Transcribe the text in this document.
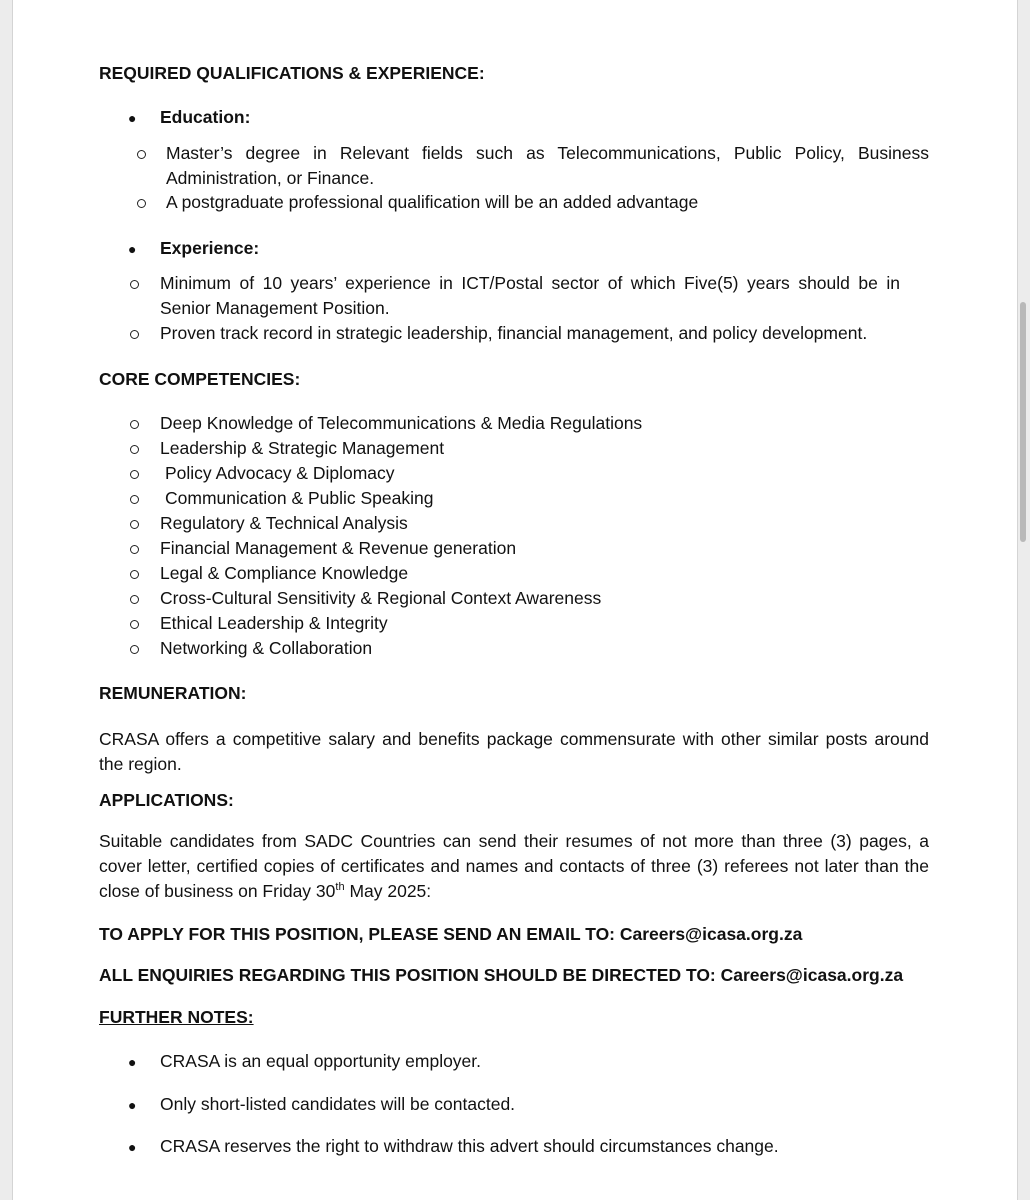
REQUIRED QUALIFICATIONS & EXPERIENCE:
● Education:
Master’s degree in Relevant fields such as Telecommunications, Public Policy, Business Administration, or Finance.
A postgraduate professional qualification will be an added advantage
● Experience:
Minimum of 10 years’ experience in ICT/Postal sector of which Five(5) years should be in Senior Management Position.
Proven track record in strategic leadership, financial management, and policy development.
CORE COMPETENCIES:
Deep Knowledge of Telecommunications & Media Regulations
Leadership & Strategic Management
Policy Advocacy & Diplomacy
Communication & Public Speaking
Regulatory & Technical Analysis
Financial Management & Revenue generation
Legal & Compliance Knowledge
Cross-Cultural Sensitivity & Regional Context Awareness
Ethical Leadership & Integrity
Networking & Collaboration
REMUNERATION:
CRASA offers a competitive salary and benefits package commensurate with other similar posts around the region.
APPLICATIONS:
Suitable candidates from SADC Countries can send their resumes of not more than three (3) pages, a cover letter, certified copies of certificates and names and contacts of three (3) referees not later than the close of business on Friday 30th May 2025:
TO APPLY FOR THIS POSITION, PLEASE SEND AN EMAIL TO: Careers@icasa.org.za
ALL ENQUIRIES REGARDING THIS POSITION SHOULD BE DIRECTED TO: Careers@icasa.org.za
FURTHER NOTES:
● CRASA is an equal opportunity employer.
● Only short-listed candidates will be contacted.
● CRASA reserves the right to withdraw this advert should circumstances change.
